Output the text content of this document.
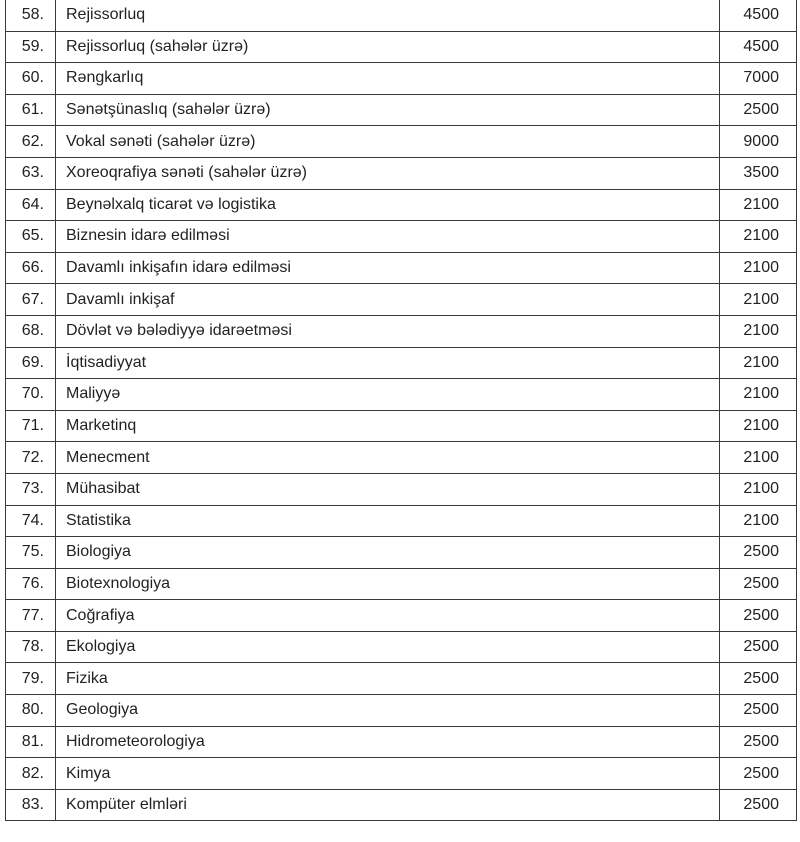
58.	Rejissorluq	4500
59.	Rejissorluq (sahələr üzrə)	4500
60.	Rəngkarlıq	7000
61.	Sənətşünaslıq (sahələr üzrə)	2500
62.	Vokal sənəti (sahələr üzrə)	9000
63.	Xoreoqrafiya sənəti (sahələr üzrə)	3500
64.	Beynəlxalq ticarət və logistika	2100
65.	Biznesin idarə edilməsi	2100
66.	Davamlı inkişafın idarə edilməsi	2100
67.	Davamlı inkişaf	2100
68.	Dövlət və bələdiyyə idarəetməsi	2100
69.	İqtisadiyyat	2100
70.	Maliyyə	2100
71.	Marketinq	2100
72.	Menecment	2100
73.	Mühasibat	2100
74.	Statistika	2100
75.	Biologiya	2500
76.	Biotexnologiya	2500
77.	Coğrafiya	2500
78.	Ekologiya	2500
79.	Fizika	2500
80.	Geologiya	2500
81.	Hidrometeorologiya	2500
82.	Kimya	2500
83.	Kompüter elmləri	2500
